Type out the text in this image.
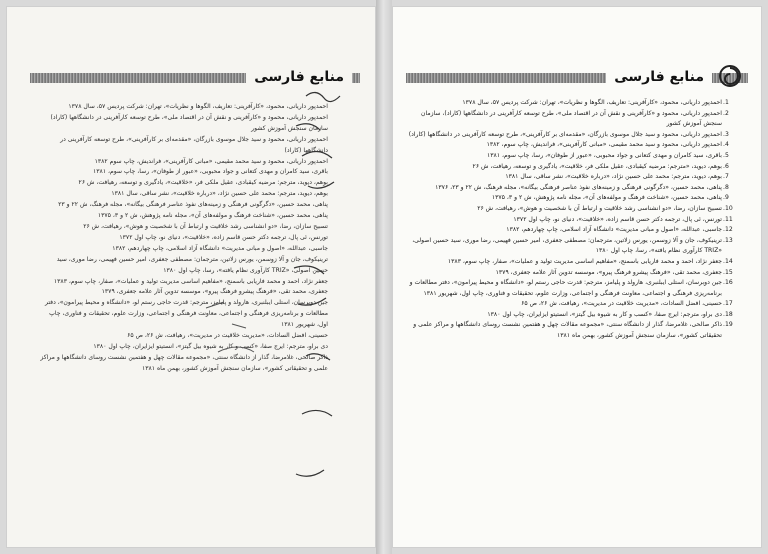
منابع فارسی
احمدپور داریانی، محمود، «کارآفرینی: تعاریف، الگوها و نظریات»، تهران: شرکت پردیس ۵۷، سال ۱۳۷۸
احمدپور داریانی، محمود و «کارآفرینی و نقش آن در اقتصاد ملی»، طرح توسعه کارآفرینی در دانشگاهها (کاراد)
سازمان سنجش آموزش کشور
احمدپور داریانی، محمود و سید جلال موسوی بازرگان، «مقدمه‌ای بر کارآفرینی»، طرح توسعه کارآفرینی در
دانشگاهها (کاراد)
احمدپور داریانی، محمود و سید محمد مقیمی، «مبانی کارآفرینی»، فراندیش، چاپ سوم ۱۳۸۲
باقری، سید کامران و مهدی کتعانی و جواد محبوبی، «عبور از طوفان»، رسا، چاپ سوم، ۱۳۸۱
بوهم، دیوید، مترجم: مرضیه کیقبادی، عقیل ملکی فر، «خلاقیت»، یادگیری و توسعه، رهیافت، ش ۲۶
بوهم، دیوید، مترجم: محمد علی حسین نژاد، «درباره خلاقیت»، نشر ساقی، سال ۱۳۸۱
پناهی، محمد حسین، «دگرگونی فرهنگی و زمینه‌های نفوذ عناصر فرهنگی بیگانه»، مجله فرهنگ، ش ۲۲ و ۲۳
پناهی، محمد حسین، «شناخت فرهنگ و مولفه‌های آن»، مجله نامه پژوهش، ش ۲ و ۳، ۱۳۷۵
تسبیح سازان، رضا، «دو انشناسی رشد خلاقیت و ارتباط آن با شخصیت و هوش»، رهیافت، ش ۲۶
تورنس، ئی پال، ترجمه دکتر حسن قاسم زاده، «خلاقیت»، دنیای نو، چاپ اول ۱۳۷۲
جاسبی، عبدالله، «اصول و مبانی مدیریت» دانشگاه آزاد اسلامی، چاپ چهاردهم، ۱۳۸۲
ترینیکوف، جان و آلا زوسمن، یورس زلاتین، مترجمان: مصطفی جعفری، امیر حسین فهیمی، رضا موری، سید
حسین اصولی، «TRIZ کارآوری نظام یافته»، رسا، چاپ اول ۱۳۸۰
جعفر نژاد، احمد و محمد فاریابی باسمنج، «مفاهیم اساسی مدیریت تولید و عملیات»، صفار، چاپ سوم، ۱۳۸۳
جعفری، محمد تقی، «فرهنگ پیشرو فرهنگ پیرو»، موسسه تدوین آثار علامه جعفری، ۱۳۷۹
جین دوبرسان، استلی ایبلنبری، هارولد و پلیامز، مترجم: قدرت حاجی رستم لو، «دانشگاه و محیط پیرامون»، دفتر
مطالعات و برنامه‌ریزی فرهنگی و اجتماعی، معاونت فرهنگی و اجتماعی، وزارت علوم، تحقیقات و فناوری، چاپ
اول، شهریور ۱۳۸۱
حسینی، افضل السادات، «مدیریت خلاقیت در مدیریت»، رهیافت، ش ۲۶، ص ۶۵
دی براو، مترجم: ایرج صفا، «کسب و کار به شیوه بیل گیتز»، انستیتو ایزایران، چاپ اول ۱۳۸۰
ذاکر صالحی، غلامرضا، گذار از دانشگاه سنتی، «مجموعه مقالات چهل و هفتمین نشست روسای دانشگاهها و مراکز
علمی و تحقیقاتی کشور»، سازمان سنجش آموزش کشور، بهمن ماه ۱۳۸۱
منابع فارسی
1.
احمدپور داریانی، محمود، «کارآفرینی: تعاریف، الگوها و نظریات»، تهران: شرکت پردیس ۵۷، سال ۱۳۷۸
2.
احمدپور داریانی، محمود و «کارآفرینی و نقش آن در اقتصاد ملی»، طرح توسعه کارآفرینی در دانشگاهها (کاراد)، سازمان سنجش آموزش کشور
3.
احمدپور داریانی، محمود و سید جلال موسوی بازرگان، «مقدمه‌ای بر کارآفرینی»، طرح توسعه کارآفرینی در دانشگاهها (کاراد)
4.
احمدپور داریانی، محمود و سید محمد مقیمی، «مبانی کارآفرینی»، فراندیش، چاپ سوم، ۱۳۸۲
5.
باقری، سید کامران و مهدی کتعانی و جواد محبوبی، «عبور از طوفان»، رسا، چاپ سوم، ۱۳۸۱
6.
بوهم، دیوید، «مترجم: مرضیه کیقبادی، عقیل ملکی فر، خلاقیت»، یادگیری و توسعه، رهیافت، ش ۲۶
7.
بوهم، دیوید، مترجم: محمد علی حسین نژاد، «درباره خلاقیت»، نشر ساقی، سال ۱۳۸۱
8.
پناهی، محمد حسین، «دگرگونی فرهنگی و زمینه‌های نفوذ عناصر فرهنگی بیگانه»، مجله فرهنگ، ش ۲۲ و ۲۳، ۱۳۷۶
9.
پناهی، محمد حسین، «شناخت فرهنگ و مولفه‌های آن»، مجله نامه پژوهش، ش ۲ و ۳، ۱۳۷۵
10.
تسبیح سازان، رضا، «دو انشناسی رشد خلاقیت و ارتباط آن با شخصیت و هوش»، رهیافت، ش ۲۶
11.
تورنس، ئی پال، ترجمه دکتر حسن قاسم زاده، «خلاقیت»، دنیای نو، چاپ اول ۱۳۷۲
12.
جاسبی، عبدالله، «اصول و مبانی مدیریت» دانشگاه آزاد اسلامی، چاپ چهاردهم، ۱۳۸۲
13.
ترینیکوف، جان و آلا زوسمن، یورس زلاتین، مترجمان: مصطفی جعفری، امیر حسین فهیمی، رضا موری، سید حسین اصولی، «TRIZ کارآوری نظام یافته»، رسا، چاپ اول ۱۳۸۰
14.
جعفر نژاد، احمد و محمد فاریابی باسمنج، «مفاهیم اساسی مدیریت تولید و عملیات»، صفار، چاپ سوم، ۱۳۸۳
15.
جعفری، محمد تقی، «فرهنگ پیشرو فرهنگ پیرو»، موسسه تدوین آثار علامه جعفری، ۱۳۷۹
16.
جین دوبرسان، استلی ایبلنبری، هارولد و پلیامز، مترجم: قدرت حاجی رستم لو، «دانشگاه و محیط پیرامون»، دفتر مطالعات و برنامه‌ریزی فرهنگی و اجتماعی، معاونت فرهنگی و اجتماعی، وزارت علوم، تحقیقات و فناوری، چاپ اول، شهریور ۱۳۸۱
17.
حسینی، افضل السادات، «مدیریت خلاقیت در مدیریت»، رهیافت، ش ۲۶، ص ۶۵
18.
دی براو، مترجم: ایرج صفا، «کسب و کار به شیوه بیل گیتز»، انستیتو ایزایران، چاپ اول ۱۳۸۰
19.
ذاکر صالحی، غلامرضا، گذار از دانشگاه سنتی، «مجموعه مقالات چهل و هفتمین نشست روسای دانشگاهها و مراکز علمی و تحقیقاتی کشور»، سازمان سنجش آموزش کشور، بهمن ماه ۱۳۸۱
